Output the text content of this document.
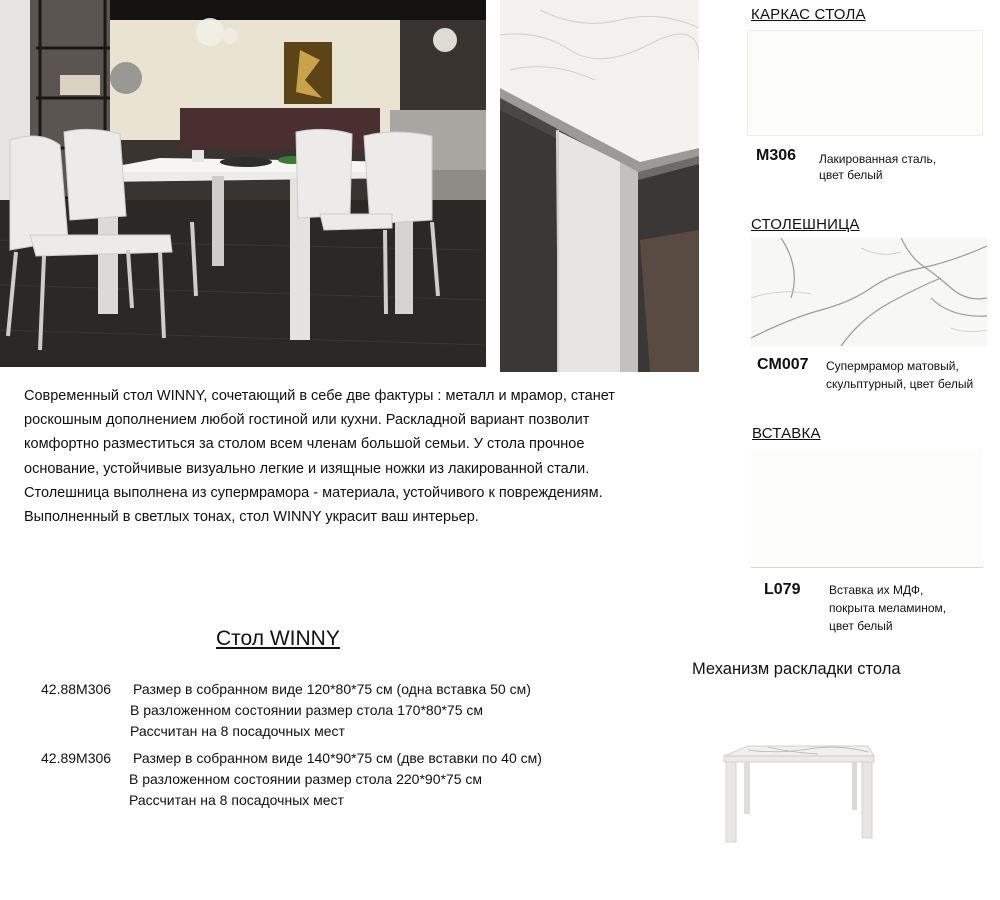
КАРКАС СТОЛА
M306 Лакированная сталь,
цвет белый
СТОЛЕШНИЦА
CM007 Супермрамор матовый,
скульптурный, цвет белый
ВСТАВКА
L079 Вставка их МДФ,
покрыта меламином,
цвет белый
Современный стол WINNY, сочетающий в себе две фактуры : металл и мрамор, станет
роскошным дополнением любой гостиной или кухни. Раскладной вариант позволит
комфортно разместиться за столом всем членам большой семьи. У стола прочное
основание, устойчивые визуально легкие и изящные ножки из лакированной стали.
Столешница выполнена из супермрамора - материала, устойчивого к повреждениям.
Выполненный в светлых тонах, стол WINNY украсит ваш интерьер.
Стол WINNY
42.88M306 Размер в собранном виде 120*80*75 см (одна вставка 50 см)
В разложенном состоянии размер стола 170*80*75 см
Рассчитан на 8 посадочных мест
42.89M306 Размер в собранном виде 140*90*75 см (две вставки по 40 см)
В разложенном состоянии размер стола 220*90*75 см
Рассчитан на 8 посадочных мест
Механизм раскладки стола
